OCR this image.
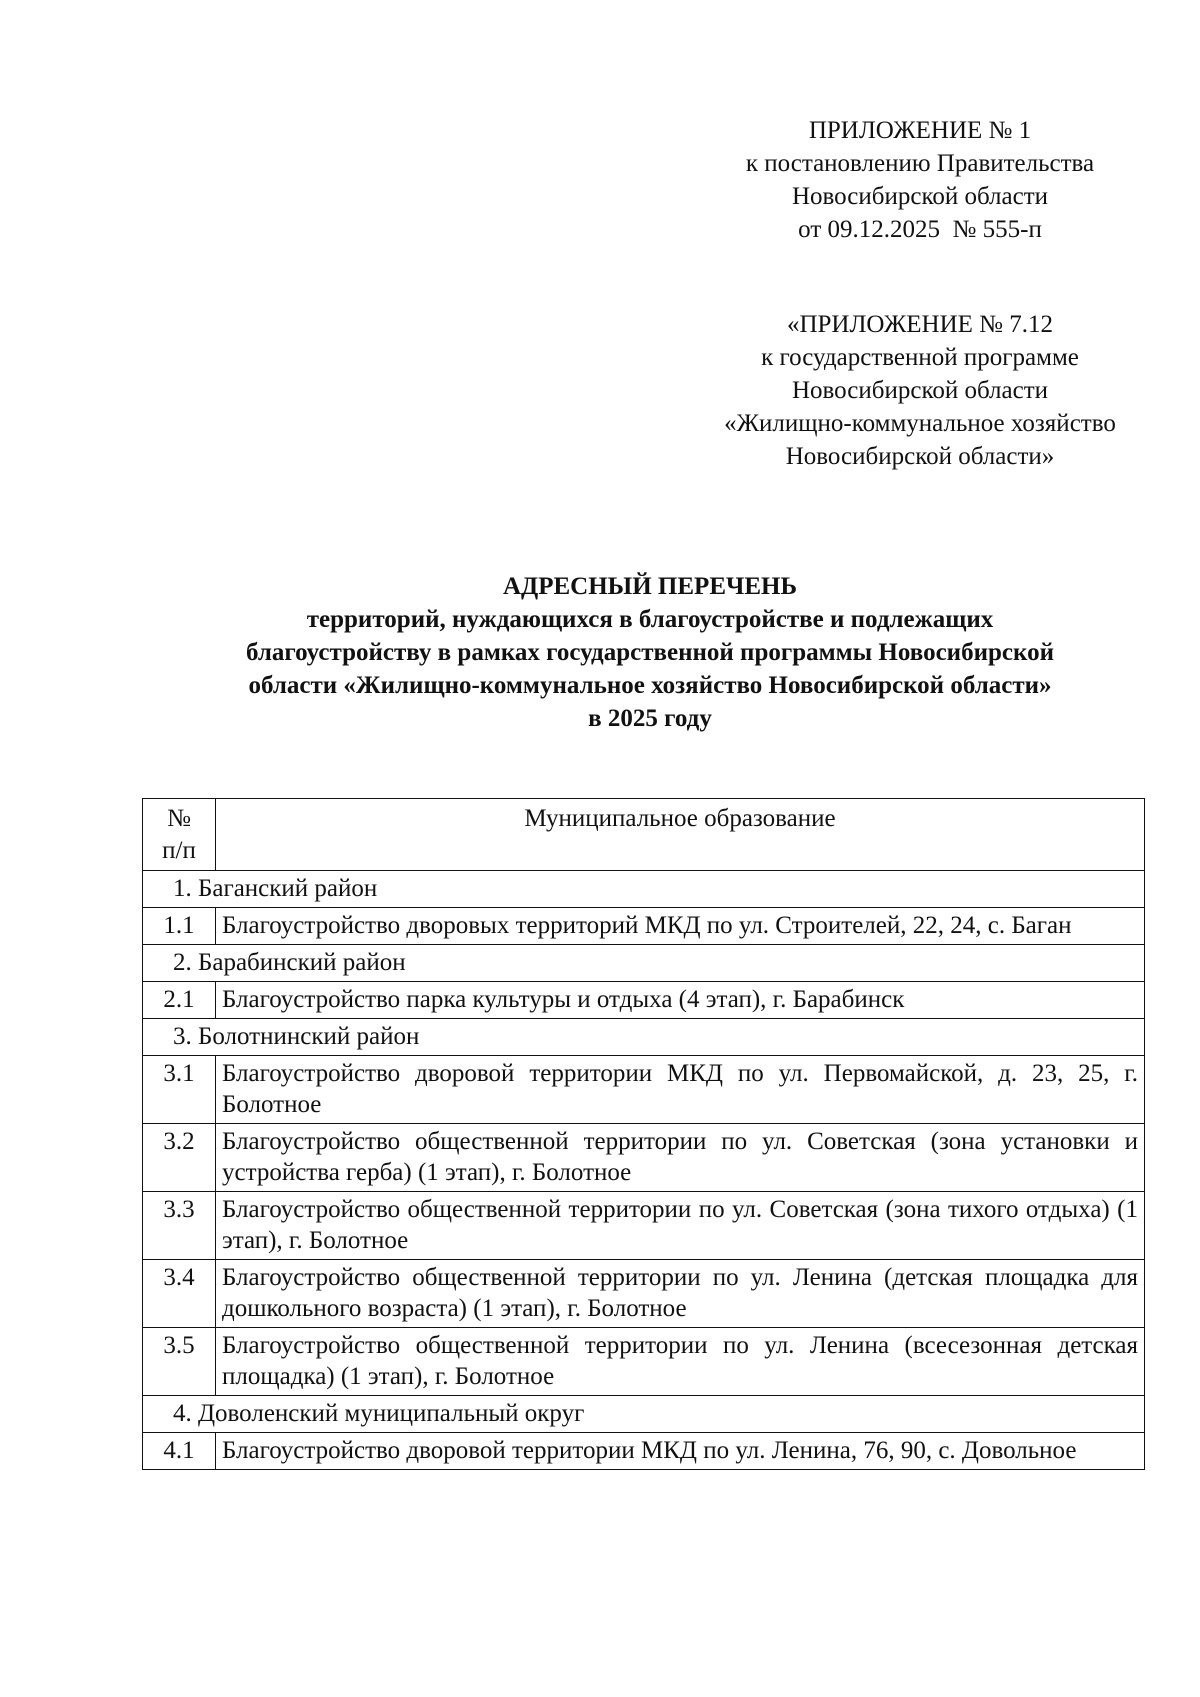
ПРИЛОЖЕНИЕ № 1
к постановлению Правительства
Новосибирской области
от 09.12.2025  № 555-п
«ПРИЛОЖЕНИЕ № 7.12
к государственной программе
Новосибирской области
«Жилищно-коммунальное хозяйство
Новосибирской области»
АДРЕСНЫЙ ПЕРЕЧЕНЬ
территорий, нуждающихся в благоустройстве и подлежащих
благоустройству в рамках государственной программы Новосибирской
области «Жилищно-коммунальное хозяйство Новосибирской области»
в 2025 году
№
п/п	Муниципальное образование
1. Баганский район	
1.1	Благоустройство дворовых территорий МКД по ул. Строителей, 22, 24, с. Баган
2. Барабинский район	
2.1	Благоустройство парка культуры и отдыха (4 этап), г. Барабинск
3. Болотнинский район	
3.1	Благоустройство дворовой территории МКД по ул. Первомайской, д. 23, 25, г. Болотное
3.2	Благоустройство общественной территории по ул. Советская (зона установки и устройства герба) (1 этап), г. Болотное
3.3	Благоустройство общественной территории по ул. Советская (зона тихого отдыха) (1 этап), г. Болотное
3.4	Благоустройство общественной территории по ул. Ленина (детская площадка для дошкольного возраста) (1 этап), г. Болотное
3.5	Благоустройство общественной территории по ул. Ленина (всесезонная детская площадка) (1 этап), г. Болотное
4. Доволенский муниципальный округ	
4.1	Благоустройство дворовой территории МКД по ул. Ленина, 76, 90, с. Довольное
